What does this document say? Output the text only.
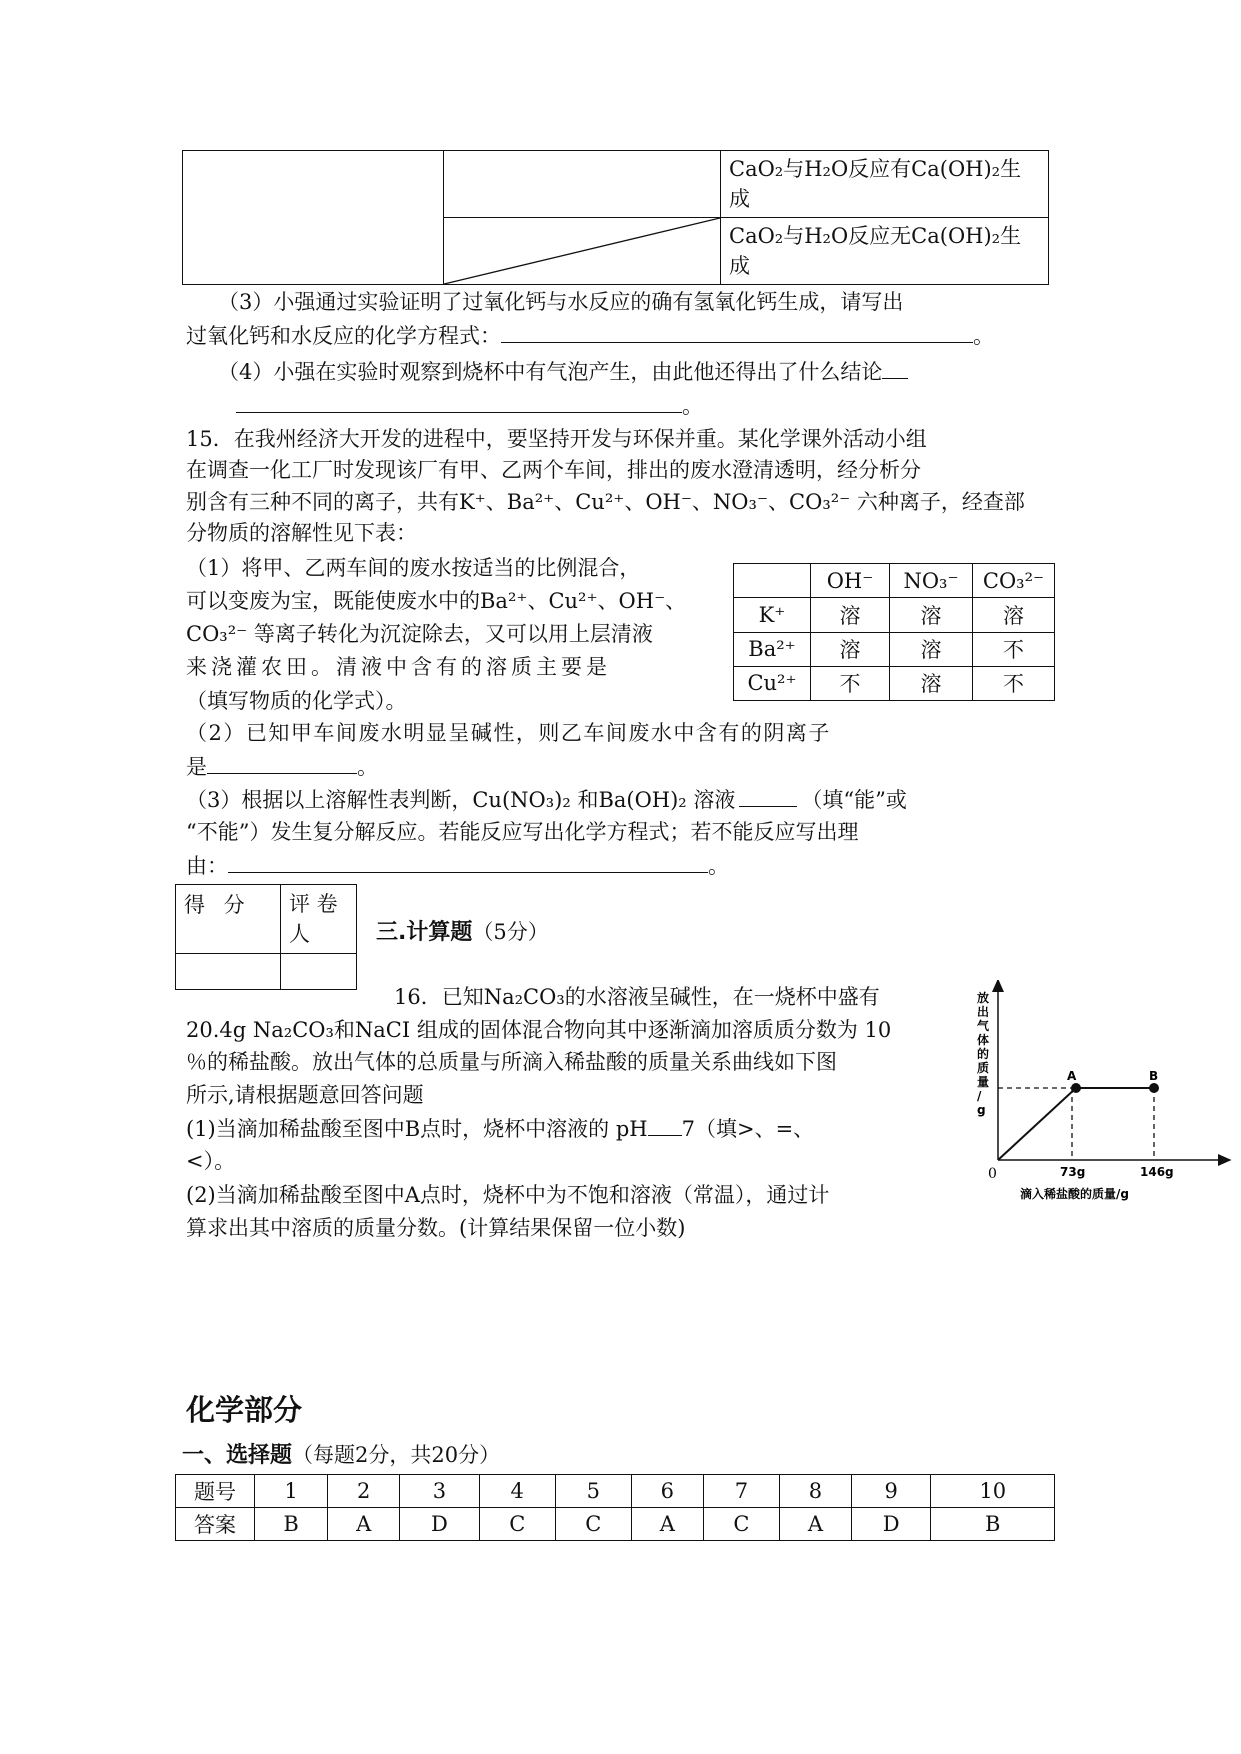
		CaO₂与H₂O反应有Ca(OH)₂生成

	CaO₂与H₂O反应无Ca(OH)₂生成
（3）小强通过实验证明了过氧化钙与水反应的确有氢氧化钙生成，请写出
过氧化钙和水反应的化学方程式：	。
（4）小强在实验时观察到烧杯中有气泡产生，由此他还得出了什么结论
。
15．在我州经济大开发的进程中，要坚持开发与环保并重。某化学课外活动小组
在调查一化工厂时发现该厂有甲、乙两个车间，排出的废水澄清透明，经分析分
别含有三种不同的离子，共有K⁺、Ba²⁺、Cu²⁺、OH⁻、NO₃⁻、CO₃²⁻ 六种离子，经查部
分物质的溶解性见下表：
（1）将甲、乙两车间的废水按适当的比例混合，
可以变废为宝，既能使废水中的Ba²⁺、Cu²⁺、OH⁻、
CO₃²⁻ 等离子转化为沉淀除去，又可以用上层清液
来浇灌农田。清液中含有的溶质主要是
（填写物质的化学式）。
	OH⁻	NO₃⁻	CO₃²⁻
K⁺	溶	溶	溶
Ba²⁺	溶	溶	不
Cu²⁺	不	溶	不
（2）已知甲车间废水明显呈碱性，则乙车间废水中含有的阴离子
是	。
（3）根据以上溶解性表判断，Cu(NO₃)₂ 和Ba(OH)₂ 溶液	（填“能”或
“不能”）发生复分解反应。若能反应写出化学方程式；若不能反应写出理
由：	。
得 分	评 卷 人
		三.计算题（5分）
16．已知Na₂CO₃的水溶液呈碱性，在一烧杯中盛有
20.4g Na₂CO₃和NaCI 组成的固体混合物向其中逐渐滴加溶质质分数为 10
％的稀盐酸。放出气体的总质量与所滴入稀盐酸的质量关系曲线如下图
所示,请根据题意回答问题
(1)当滴加稀盐酸至图中B点时，烧杯中溶液的 pH 7（填>、=、
<）。
(2)当滴加稀盐酸至图中A点时，烧杯中为不饱和溶液（常温），通过计
算求出其中溶质的质量分数。(计算结果保留一位小数)
A	B
0	73g	146g
滴入稀盐酸的质量/g
放出气体的质量/ g
化学部分
一、选择题（每题2分，共20分）
题号	1	2	3	4	5	6	7	8	9	10
答案	B	A	D	C	C	A	C	A	D	B
